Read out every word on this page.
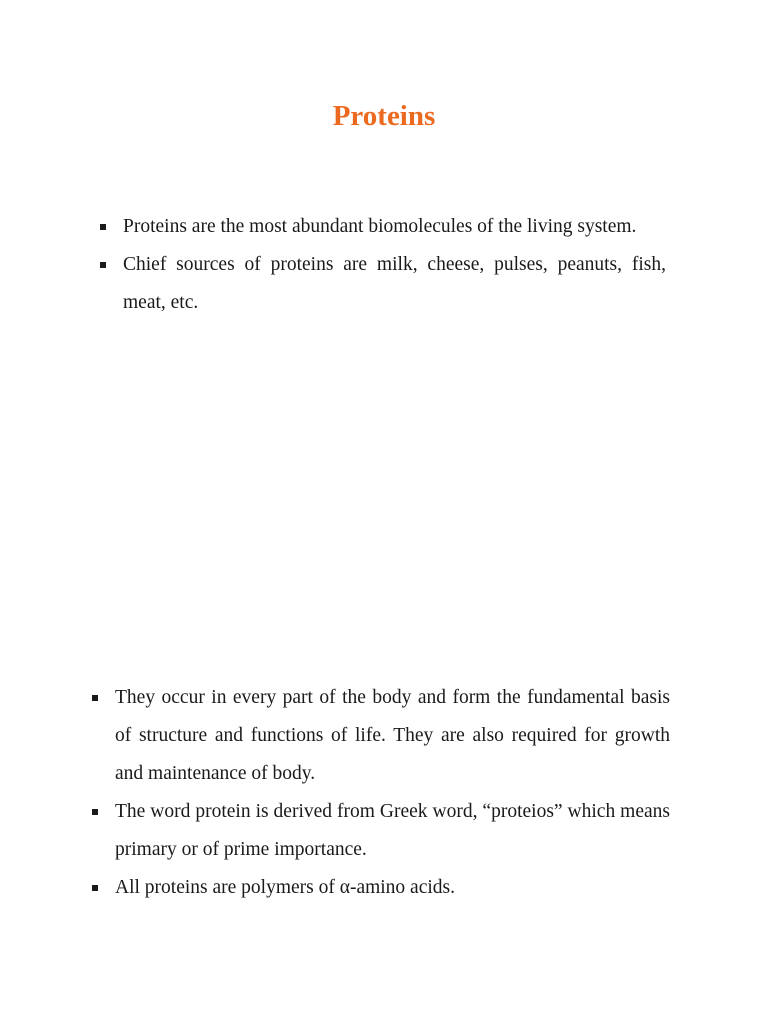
Proteins
Proteins are the most abundant biomolecules of the living system.
Chief sources of proteins are milk, cheese, pulses, peanuts, fish, meat, etc.
They occur in every part of the body and form the fundamental basis of structure and functions of life. They are also required for growth and maintenance of body.
The word protein is derived from Greek word, “proteios” which means primary or of prime importance.
All proteins are polymers of α-amino acids.
